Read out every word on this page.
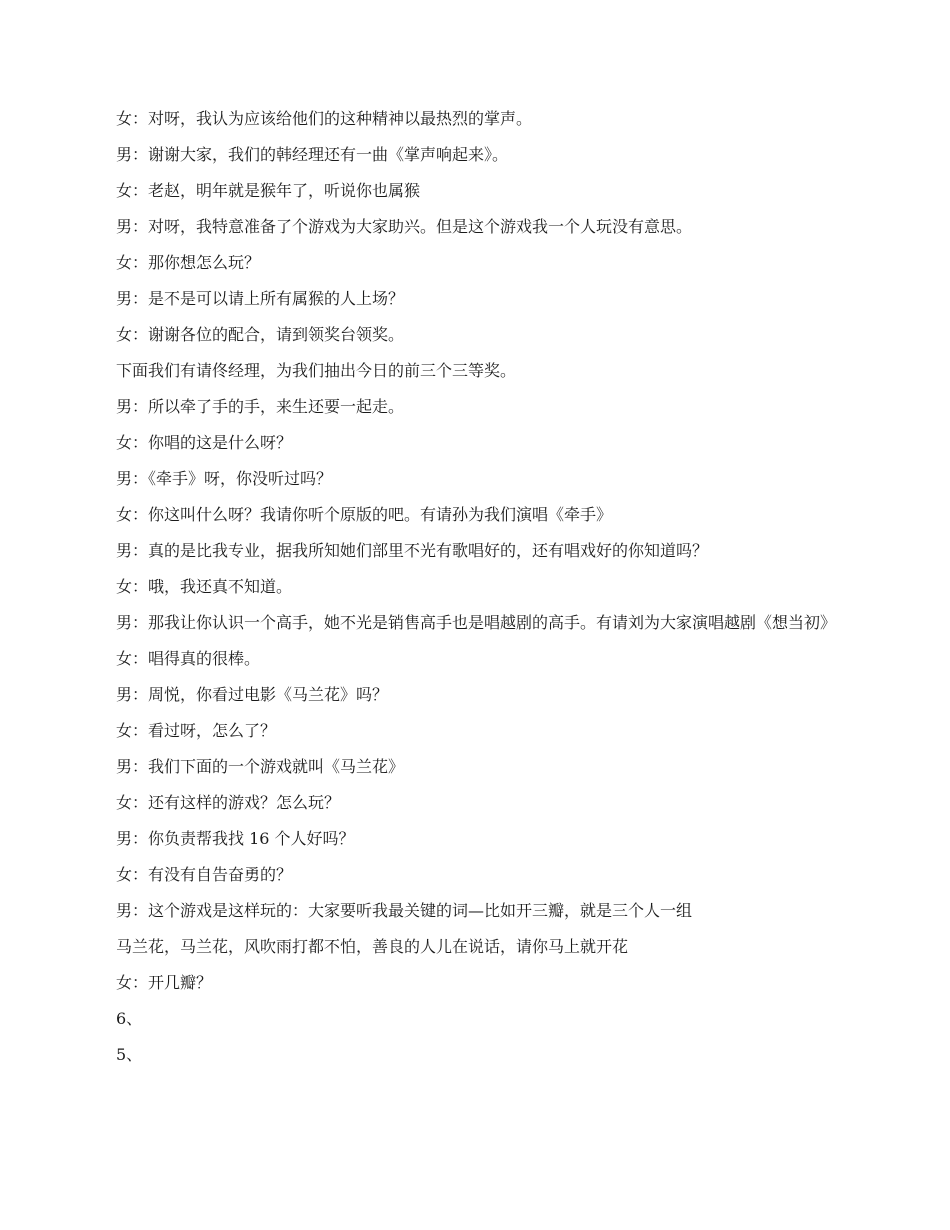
女：对呀，我认为应该给他们的这种精神以最热烈的掌声。

男：谢谢大家，我们的韩经理还有一曲《掌声响起来》。

女：老赵，明年就是猴年了，听说你也属猴

男：对呀，我特意准备了个游戏为大家助兴。但是这个游戏我一个人玩没有意思。

女：那你想怎么玩？

男：是不是可以请上所有属猴的人上场？

女：谢谢各位的配合，请到领奖台领奖。

下面我们有请佟经理，为我们抽出今日的前三个三等奖。

男：所以牵了手的手，来生还要一起走。

女：你唱的这是什么呀？

男：《牵手》呀，你没听过吗？

女：你这叫什么呀？我请你听个原版的吧。有请孙为我们演唱《牵手》

男：真的是比我专业，据我所知她们部里不光有歌唱好的，还有唱戏好的你知道吗？

女：哦，我还真不知道。

男：那我让你认识一个高手，她不光是销售高手也是唱越剧的高手。有请刘为大家演唱越剧《想当初》

女：唱得真的很棒。

男：周悦，你看过电影《马兰花》吗？

女：看过呀，怎么了？

男：我们下面的一个游戏就叫《马兰花》

女：还有这样的游戏？怎么玩？

男：你负责帮我找 16 个人好吗？

女：有没有自告奋勇的？

男：这个游戏是这样玩的：大家要听我最关键的词—比如开三瓣，就是三个人一组

马兰花，马兰花，风吹雨打都不怕，善良的人儿在说话，请你马上就开花

女：开几瓣？

6、

5、
